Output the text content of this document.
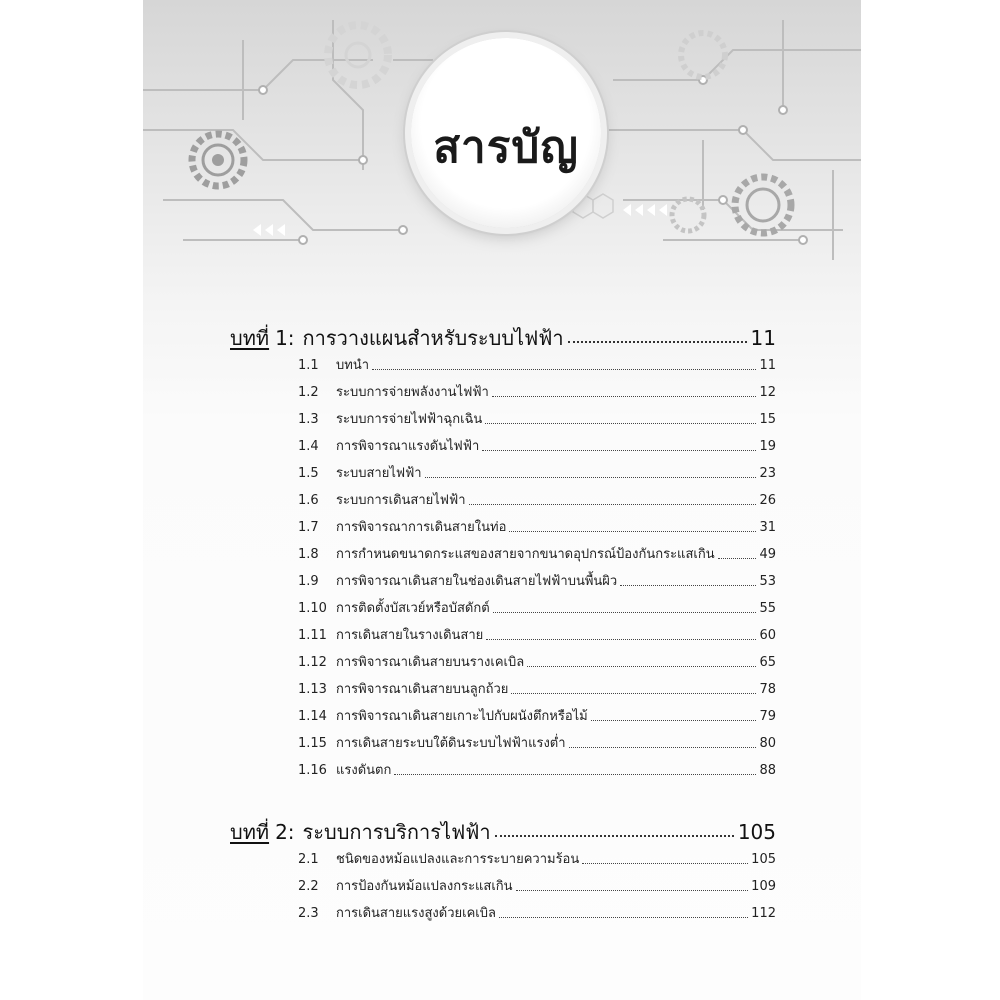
สารบัญ
บทที่ 1: การวางแผนสำหรับระบบไฟฟ้า	11
1.1	บทนำ	11
1.2	ระบบการจ่ายพลังงานไฟฟ้า	12
1.3	ระบบการจ่ายไฟฟ้าฉุกเฉิน	15
1.4	การพิจารณาแรงดันไฟฟ้า	19
1.5	ระบบสายไฟฟ้า	23
1.6	ระบบการเดินสายไฟฟ้า	26
1.7	การพิจารณาการเดินสายในท่อ	31
1.8	การกำหนดขนาดกระแสของสายจากขนาดอุปกรณ์ป้องกันกระแสเกิน	49
1.9	การพิจารณาเดินสายในช่องเดินสายไฟฟ้าบนพื้นผิว	53
1.10 การติดตั้งบัสเวย์หรือบัสดักต์	55
1.11 การเดินสายในรางเดินสาย	60
1.12 การพิจารณาเดินสายบนรางเคเบิล	65
1.13 การพิจารณาเดินสายบนลูกถ้วย	78
1.14 การพิจารณาเดินสายเกาะไปกับผนังตึกหรือไม้	79
1.15 การเดินสายระบบใต้ดินระบบไฟฟ้าแรงต่ำ	80
1.16 แรงดันตก	88
บทที่ 2: ระบบการบริการไฟฟ้า	105
2.1	ชนิดของหม้อแปลงและการระบายความร้อน	105
2.2	การป้องกันหม้อแปลงกระแสเกิน	109
2.3	การเดินสายแรงสูงด้วยเคเบิล	112
